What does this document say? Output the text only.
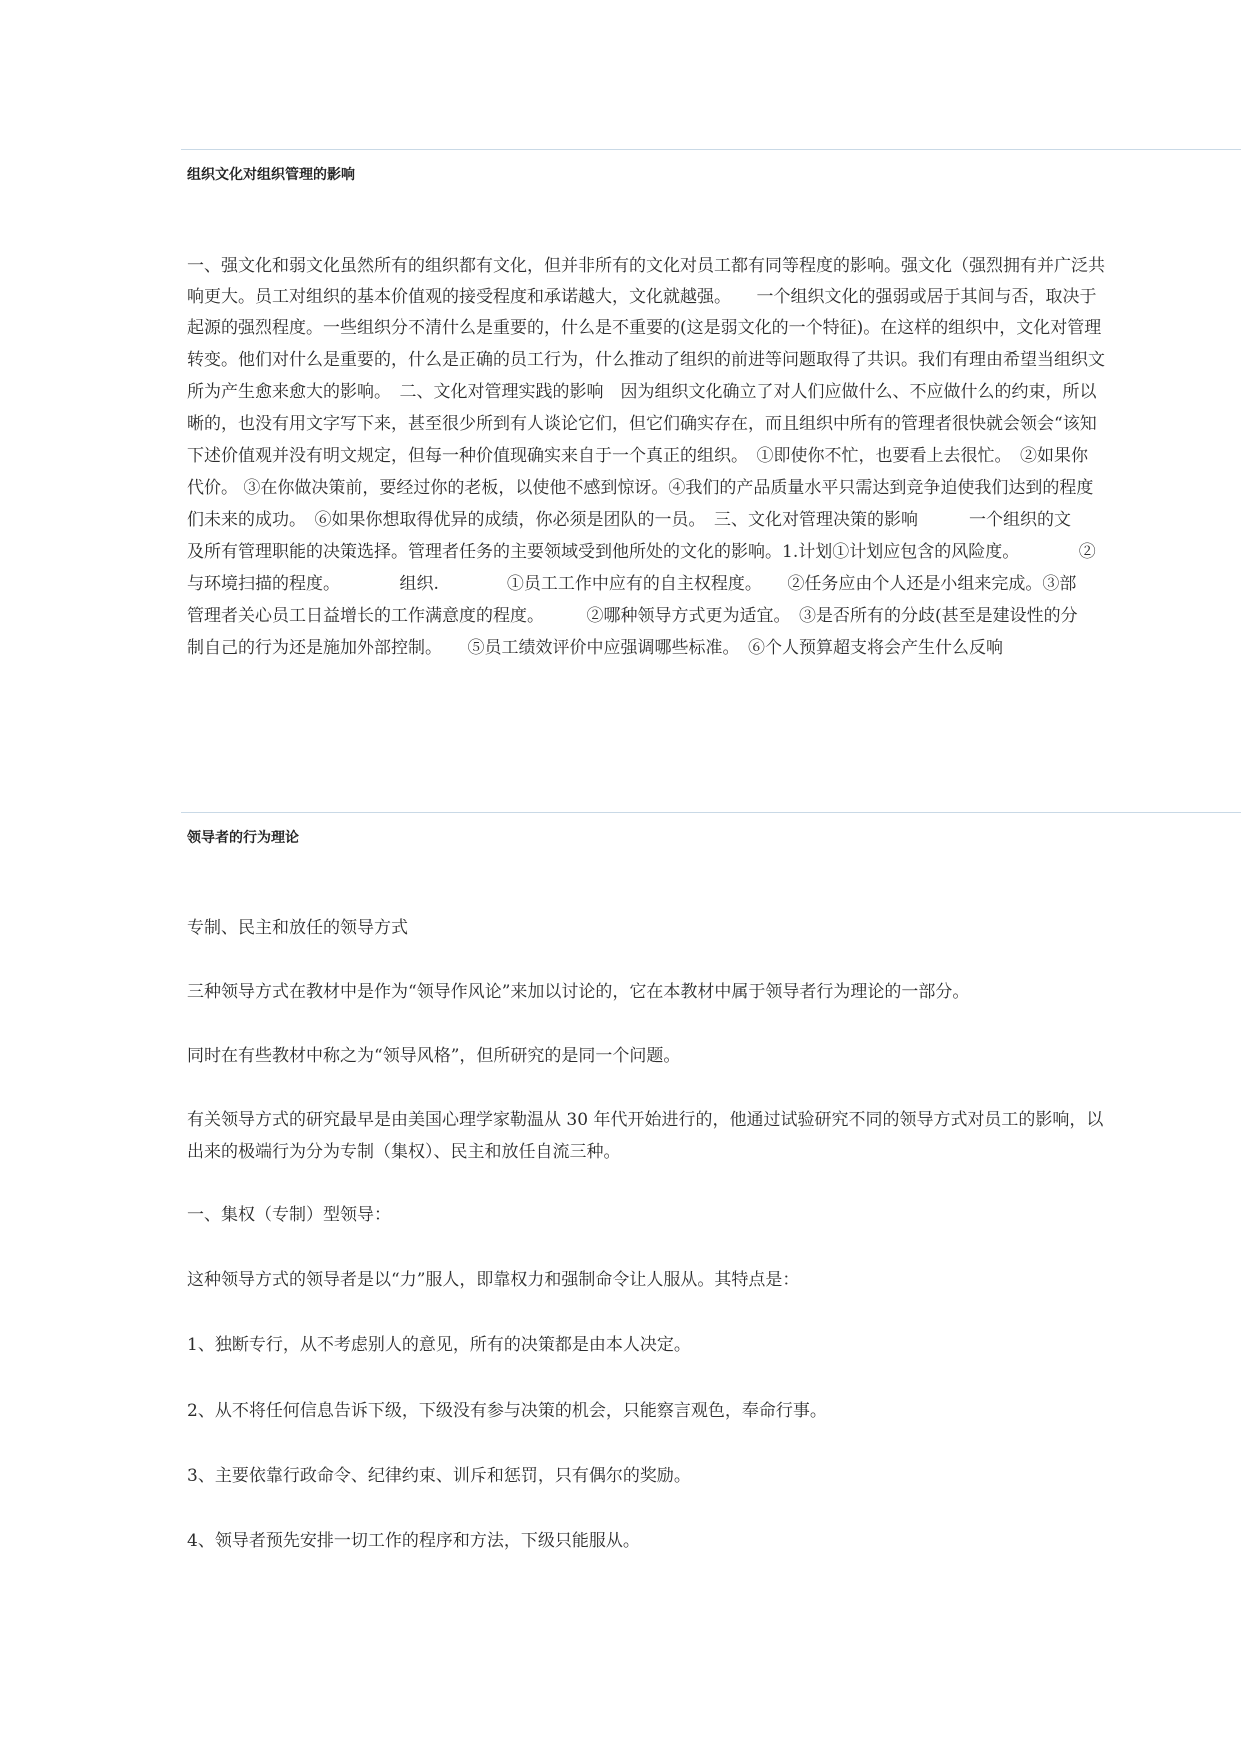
组织文化对组织管理的影响
一、强文化和弱文化虽然所有的组织都有文化，但并非所有的文化对员工都有同等程度的影响。强文化（强烈拥有并广泛共
响更大。员工对组织的基本价值观的接受程度和承诺越大，文化就越强。　　一个组织文化的强弱或居于其间与否，取决于
起源的强烈程度。一些组织分不清什么是重要的，什么是不重要的(这是弱文化的一个特征)。在这样的组织中，文化对管理
转变。他们对什么是重要的，什么是正确的员工行为，什么推动了组织的前进等问题取得了共识。我们有理由希望当组织文
所为产生愈来愈大的影响。　二、文化对管理实践的影响　因为组织文化确立了对人们应做什么、不应做什么的约束，所以
晰的，也没有用文字写下来，甚至很少所到有人谈论它们，但它们确实存在，而且组织中所有的管理者很快就会领会“该知
下述价值观并没有明文规定，但每一种价值现确实来自于一个真正的组织。　①即使你不忙，也要看上去很忙。　②如果你
代价。 ③在你做决策前，要经过你的老板，以使他不感到惊讶。④我们的产品质量水平只需达到竞争迫使我们达到的程度
们未来的成功。　⑥如果你想取得优异的成绩，你必须是团队的一员。　三、文化对管理决策的影响　　　一个组织的文
及所有管理职能的决策选择。管理者任务的主要领域受到他所处的文化的影响。1.计划①计划应包含的风险度。　　　　②
与环境扫描的程度。　　　　组织.　　　　①员工工作中应有的自主权程度。　　②任务应由个人还是小组来完成。③部
管理者关心员工日益增长的工作满意度的程度。　　　②哪种领导方式更为适宜。　③是否所有的分歧(甚至是建设性的分
制自己的行为还是施加外部控制。　　⑤员工绩效评价中应强调哪些标准。　⑥个人预算超支将会产生什么反响
领导者的行为理论
专制、民主和放任的领导方式
三种领导方式在教材中是作为“领导作风论”来加以讨论的，它在本教材中属于领导者行为理论的一部分。
同时在有些教材中称之为“领导风格”，但所研究的是同一个问题。
有关领导方式的研究最早是由美国心理学家勒温从 30 年代开始进行的，他通过试验研究不同的领导方式对员工的影响，以
出来的极端行为分为专制（集权）、民主和放任自流三种。
一、集权（专制）型领导：
这种领导方式的领导者是以“力”服人，即靠权力和强制命令让人服从。其特点是：
1、独断专行，从不考虑别人的意见，所有的决策都是由本人决定。
2、从不将任何信息告诉下级，下级没有参与决策的机会，只能察言观色，奉命行事。
3、主要依靠行政命令、纪律约束、训斥和惩罚，只有偶尔的奖励。
4、领导者预先安排一切工作的程序和方法，下级只能服从。
